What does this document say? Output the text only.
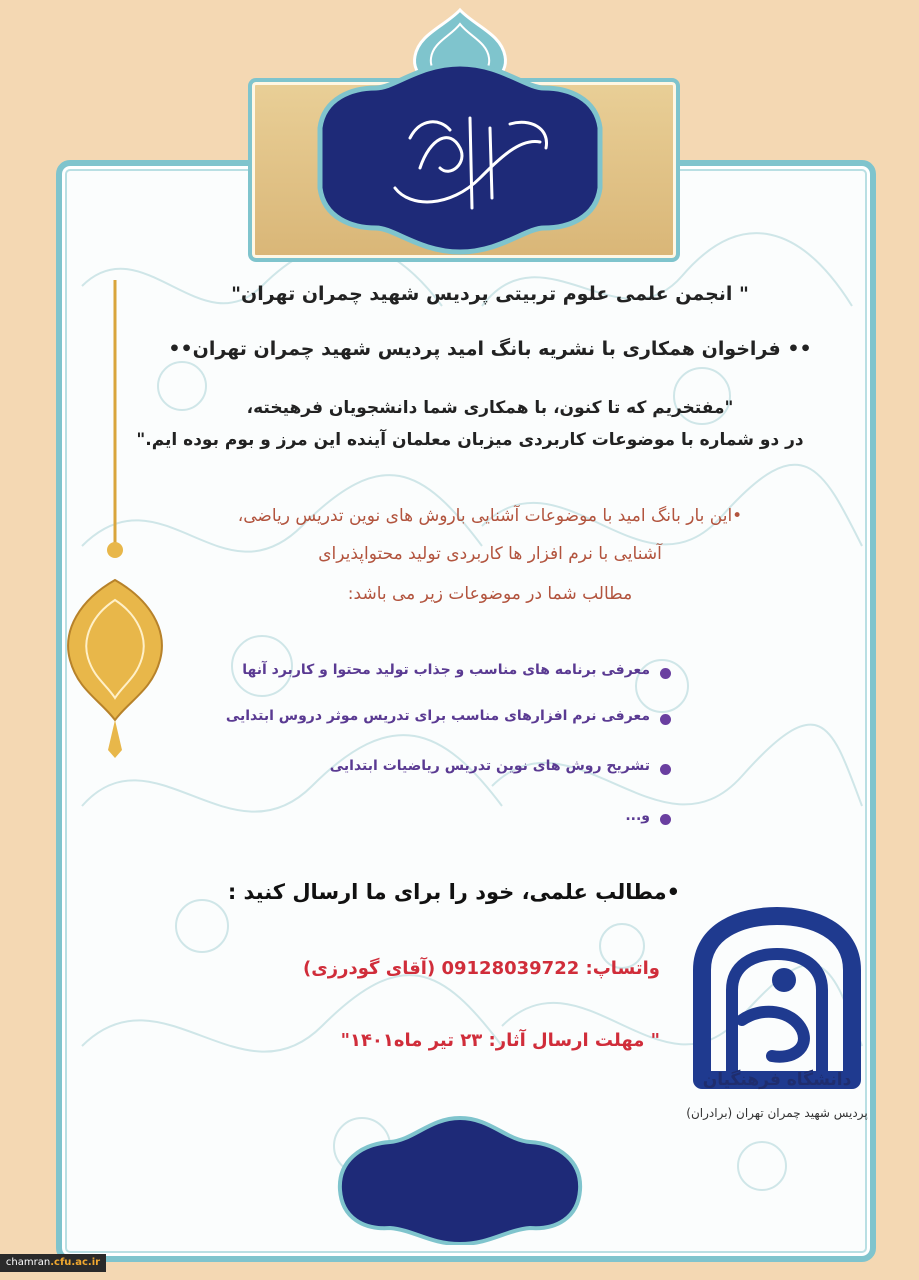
" انجمن علمی علوم تربیتی پردیس شهید چمران تهران"
•• فراخوان همکاری با نشریه بانگ امید پردیس شهید چمران تهران••
"مفتخریم که تا کنون، با همکاری شما دانشجویان فرهیخته،
در دو شماره با موضوعات کاربردی میزبان معلمان آینده این مرز و بوم بوده ایم."
•این بار بانگ امید با موضوعات آشنایی باروش های نوین تدریس ریاضی،
آشنایی با نرم افزار ها کاربردی تولید محتواپذیرای
مطالب شما در موضوعات زیر می باشد:
معرفی برنامه های مناسب و جذاب تولید محتوا و کاربرد آنها
معرفی نرم افزارهای مناسب برای تدریس موثر دروس ابتدایی
تشریح روش های نوین تدریس ریاضیات ابتدایی
و...
•مطالب علمی، خود را برای ما ارسال کنید :
واتساپ: 09128039722 (آقای گودرزی)
" مهلت ارسال آثار: ۲۳ تیر ماه۱۴۰۱"
دانشگاه فرهنگیان
پردیس شهید چمران تهران (برادران)
chamran.cfu.ac.ir
